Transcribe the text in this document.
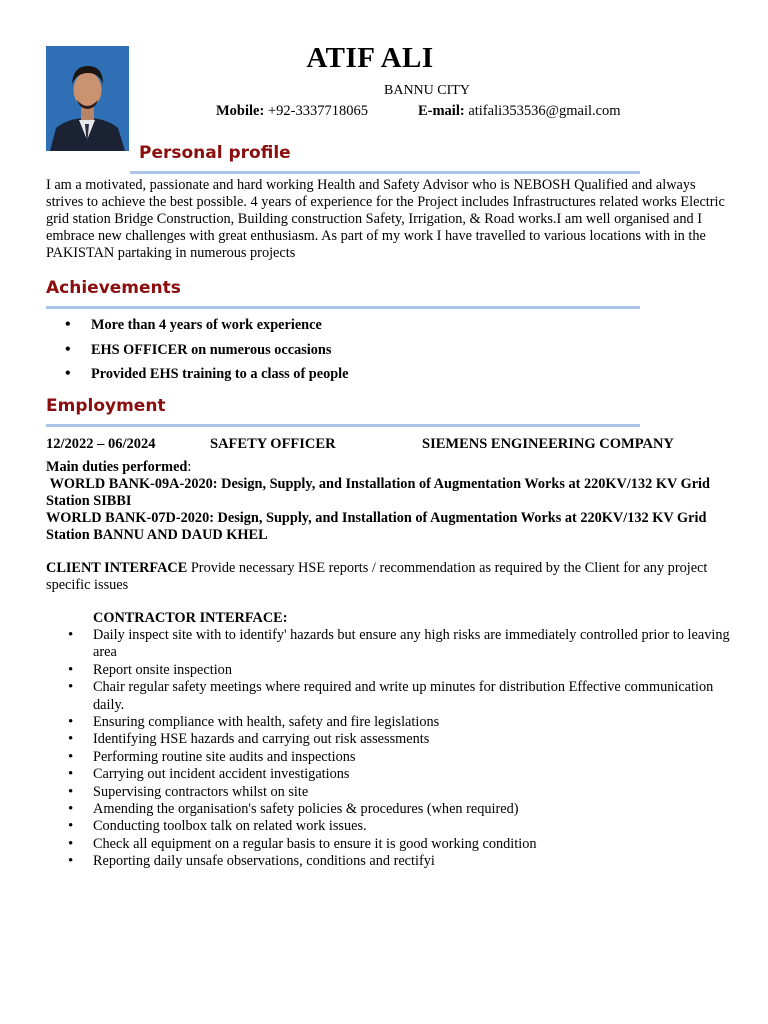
ATIF ALI
BANNU CITY
Mobile: +92-3337718065	E-mail: atifali353536@gmail.com
Personal profile
I am a motivated, passionate and hard working Health and Safety Advisor who is NEBOSH Qualified and always strives to achieve the best possible. 4 years of experience for the Project includes Infrastructures related works Electric grid station Bridge Construction, Building construction Safety, Irrigation, & Road works.I am well organised and I embrace new challenges with great enthusiasm. As part of my work I have travelled to various locations with in the PAKISTAN partaking in numerous projects
Achievements
• More than 4 years of work experience
• EHS OFFICER on numerous occasions
• Provided EHS training to a class of people
Employment
12/2022 – 06/2024	SAFETY OFFICER	SIEMENS ENGINEERING COMPANY
Main duties performed:
WORLD BANK-09A-2020: Design, Supply, and Installation of Augmentation Works at 220KV/132 KV Grid Station SIBBI
WORLD BANK-07D-2020: Design, Supply, and Installation of Augmentation Works at 220KV/132 KV Grid Station BANNU AND DAUD KHEL
CLIENT INTERFACE Provide necessary HSE reports / recommendation as required by the Client for any project specific issues
CONTRACTOR INTERFACE:
• Daily inspect site with to identify' hazards but ensure any high risks are immediately controlled prior to leaving area
• Report onsite inspection
• Chair regular safety meetings where required and write up minutes for distribution Effective communication daily.
• Ensuring compliance with health, safety and fire legislations
• Identifying HSE hazards and carrying out risk assessments
• Performing routine site audits and inspections
• Carrying out incident accident investigations
• Supervising contractors whilst on site
• Amending the organisation's safety policies & procedures (when required)
• Conducting toolbox talk on related work issues.
• Check all equipment on a regular basis to ensure it is good working condition
• Reporting daily unsafe observations, conditions and rectifyi
